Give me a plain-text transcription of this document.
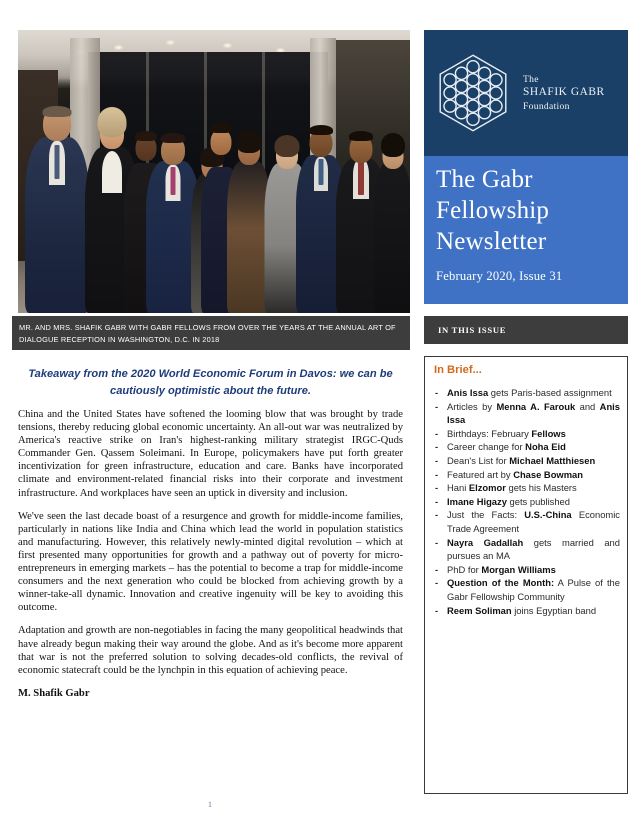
MR. AND MRS. SHAFIK GABR WITH GABR FELLOWS FROM OVER THE YEARS AT THE ANNUAL ART OF DIALOGUE RECEPTION IN WASHINGTON, D.C. IN 2018
Takeaway from the 2020 World Economic Forum in Davos: we can be cautiously optimistic about the future.

China and the United States have softened the looming blow that was brought by trade tensions, thereby reducing global economic uncertainty. An all-out war was neutralized by America's reactive strike on Iran's highest-ranking military strategist IRGC-Quds Commander Gen. Qassem Soleimani. In Europe, policymakers have put forth greater incentivization for green infrastructure, education and care. Banks have incorporated climate and environment-related financial risks into their corporate and investment infrastructure. And workplaces have seen an uptick in diversity and inclusion.

We've seen the last decade boast of a resurgence and growth for middle-income families, particularly in nations like India and China which lead the world in population statistics and manufacturing. However, this relatively newly-minted digital revolution – which at first presented many opportunities for growth and a pathway out of poverty for micro-entrepreneurs in emerging markets – has the potential to become a trap for middle-income consumers and the next generation who could be blocked from achieving growth by a winner-take-all dynamic. Innovation and creative ingenuity will be key to avoiding this outcome.

Adaptation and growth are non-negotiables in facing the many geopolitical headwinds that have already begun making their way around the globe. And as it's become more apparent that war is not the preferred solution to solving decades-old conflicts, the revival of economic statecraft could be the lynchpin in this equation of achieving peace.

M. Shafik Gabr

1
The
SHAFIK GABR
Foundation
The Gabr
Fellowship
Newsletter
February 2020, Issue 31
IN THIS ISSUE
In Brief...
- Anis Issa gets Paris-based assignment
- Articles by Menna A. Farouk and Anis Issa
- Birthdays: February Fellows
- Career change for Noha Eid
- Dean's List for Michael Matthiesen
- Featured art by Chase Bowman
- Hani Elzomor gets his Masters
- Imane Higazy gets published
- Just the Facts: U.S.-China Economic Trade Agreement
- Nayra Gadallah gets married and pursues an MA
- PhD for Morgan Williams
- Question of the Month: A Pulse of the Gabr Fellowship Community
- Reem Soliman joins Egyptian band
